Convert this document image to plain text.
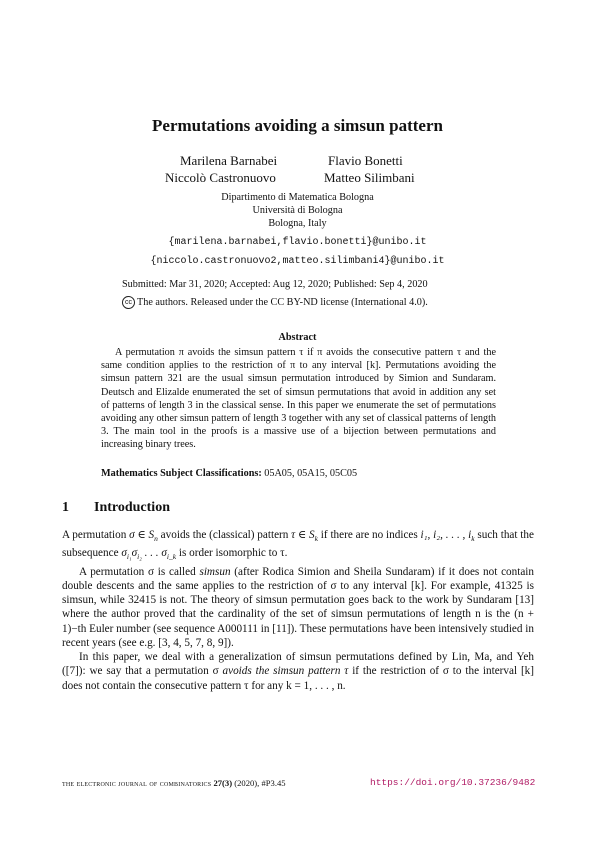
Permutations avoiding a simsun pattern
Marilena Barnabei	Flavio Bonetti
Niccolò Castronuovo	Matteo Silimbani
Dipartimento di Matematica Bologna
Università di Bologna
Bologna, Italy
{marilena.barnabei,flavio.bonetti}@unibo.it
{niccolo.castronuovo2,matteo.silimbani4}@unibo.it
Submitted: Mar 31, 2020; Accepted: Aug 12, 2020; Published: Sep 4, 2020
cc The authors. Released under the CC BY-ND license (International 4.0).
Abstract

A permutation π avoids the simsun pattern τ if π avoids the consecutive pattern τ and the same condition applies to the restriction of π to any interval [k]. Permutations avoiding the simsun pattern 321 are the usual simsun permutation introduced by Simion and Sundaram. Deutsch and Elizalde enumerated the set of simsun permutations that avoid in addition any set of patterns of length 3 in the classical sense. In this paper we enumerate the set of permutations avoiding any other simsun pattern of length 3 together with any set of classical patterns of length 3. The main tool in the proofs is a massive use of a bijection between permutations and increasing binary trees.

Mathematics Subject Classifications: 05A05, 05A15, 05C05
1 Introduction

A permutation σ ∈ $S_n$ avoids the (classical) pattern τ ∈ $S_k$ if there are no indices i₁, i₂, . . . , $i_k$ such that the subsequence $\sigma_{i_1}\sigma_{i_2}$ . . . $\sigma_{i\_k}$ is order isomorphic to τ.

A permutation σ is called simsun (after Rodica Simion and Sheila Sundaram) if it does not contain double descents and the same applies to the restriction of σ to any interval [k]. For example, 41325 is simsun, while 32415 is not. The theory of simsun permutation goes back to the work by Sundaram [13] where the author proved that the cardinality of the set of simsun permutations of length n is the (n + 1)−th Euler number (see sequence A000111 in [11]). These permutations have been intensively studied in recent years (see e.g. [3, 4, 5, 7, 8, 9]).

In this paper, we deal with a generalization of simsun permutations defined by Lin, Ma, and Yeh ([7]): we say that a permutation σ avoids the simsun pattern τ if the restriction of σ to the interval [k] does not contain the consecutive pattern τ for any k = 1, . . . , n.

the electronic journal of combinatorics 27(3) (2020), #P3.45	https://doi.org/10.37236/9482
